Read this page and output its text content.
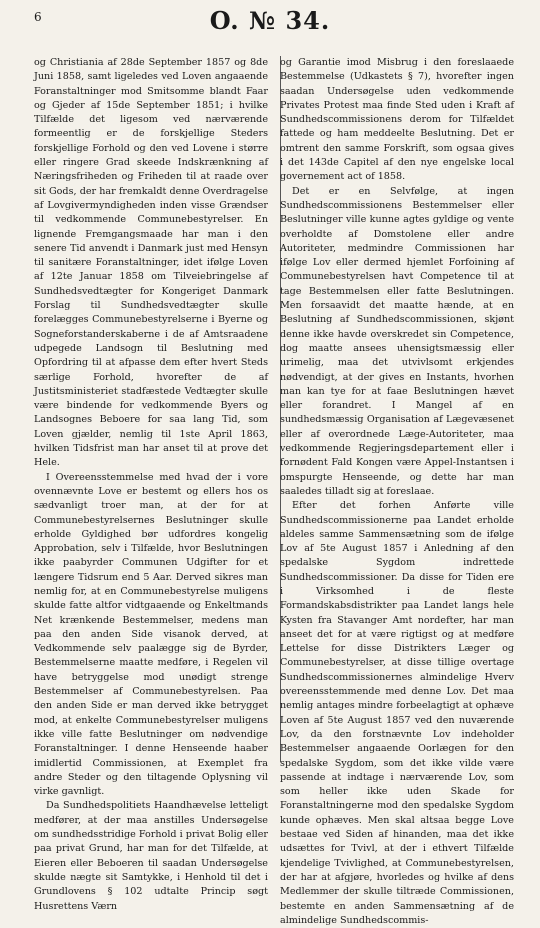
6	O. № 34.

og Christiania af 28de September 1857 og 8de Juni 1858, samt ligeledes ved Loven angaaende Foranstaltninger mod Smitsomme blandt Faar og Gjeder af 15de September 1851; i hvilke Tilfælde det ligesom ved nærværende formeentlig er de forskjellige Steders forskjellige Forhold og den ved Lovene i større eller ringere Grad skeede Indskrænkning af Næringsfriheden og Friheden til at raade over sit Gods, der har fremkaldt denne Overdragelse af Lovgivermyndigheden inden visse Grændser til vedkommende Communebestyrelser. En lignende Fremgangsmaade har man i den senere Tid anvendt i Danmark just med Hensyn til sanitære Foranstaltninger, idet ifølge Loven af 12te Januar 1858 om Tilveiebringelse af Sundhedsvedtægter for Kongeriget Danmark Forslag til Sundhedsvedtægter skulle forelægges Communebestyrelserne i Byerne og Sogneforstanderskaberne i de af Amtsraadene udpegede Landsogn til Beslutning med Opfordring til at afpasse dem efter hvert Steds særlige Forhold, hvorefter de af Justitsministeriet stadfæstede Vedtægter skulle være bindende for vedkommende Byers og Landsognes Beboere for saa lang Tid, som Loven gjælder, nemlig til 1ste April 1863, hvilken Tidsfrist man har anset til at prove det Hele.

I Overeensstemmelse med hvad der i vore ovennævnte Love er bestemt og ellers hos os sædvanligt troer man, at der for at Communebestyrelsernes Beslutninger skulle erholde Gyldighed bør udfordres kongelig Approbation, selv i Tilfælde, hvor Beslutningen ikke paabyrder Communen Udgifter for et længere Tidsrum end 5 Aar. Derved sikres man nemlig for, at en Communebestyrelse muligens skulde fatte altfor vidtgaaende og Enkeltmands Net krænkende Bestemmelser, medens man paa den anden Side visanok derved, at Vedkommende selv paalægge sig de Byrder, Bestemmelserne maatte medføre, i Regelen vil have betryggelse mod unødigt strenge Bestemmelser af Communebestyrelsen. Paa den anden Side er man derved ikke betrygget mod, at enkelte Communebestyrelser muligens ikke ville fatte Beslutninger om nødvendige Foranstaltninger. I denne Henseende haaber imidlertid Commissionen, at Exemplet fra andre Steder og den tiltagende Oplysning vil virke gavnligt.

Da Sundhedspolitiets Haandhævelse letteligt medfører, at der maa anstilles Undersøgelse om sundhedsstridige Forhold i privat Bolig eller paa privat Grund, har man for det Tilfælde, at Eieren eller Beboeren til saadan Undersøgelse skulde nægte sit Samtykke, i Henhold til det i Grundlovens § 102 udtalte Princip søgt Husrettens Værn

og Garantie imod Misbrug i den foreslaaede Bestemmelse (Udkastets § 7), hvorefter ingen saadan Undersøgelse uden vedkommende Privates Protest maa finde Sted uden i Kraft af Sundhedscommissionens derom for Tilfældet fattede og ham meddeelte Beslutning. Det er omtrent den samme Forskrift, som ogsaa gives i det 143de Capitel af den nye engelske local governement act of 1858.

Det er en Selvfølge, at ingen Sundhedscommissionens Bestemmelser eller Beslutninger ville kunne agtes gyldige og vente overholdte af Domstolene eller andre Autoriteter, medmindre Commissionen har ifølge Lov eller dermed hjemlet Forfoining af Communebestyrelsen havt Competence til at tage Bestemmelsen eller fatte Beslutningen. Men forsaavidt det maatte hænde, at en Beslutning af Sundhedscommissionen, skjønt denne ikke havde overskredet sin Competence, dog maatte ansees uhensigtsmæssig eller urimelig, maa det utvivlsomt erkjendes nødvendigt, at der gives en Instants, hvorhen man kan tye for at faae Beslutningen hævet eller forandret. I Mangel af en sundhedsmæssig Organisation af Lægevæsenet eller af overordnede Læge-Autoriteter, maa vedkommende Regjeringsdepartement eller i fornødent Fald Kongen være Appel-Instantsen i omspurgte Henseende, og dette har man saaledes tilladt sig at foreslaae.

Efter det forhen Anførte ville Sundhedscommissionerne paa Landet erholde aldeles samme Sammensætning som de ifølge Lov af 5te August 1857 i Anledning af den spedalske Sygdom indrettede Sundhedscommissioner. Da disse for Tiden ere i Virksomhed i de fleste Formandskabsdistrikter paa Landet langs hele Kysten fra Stavanger Amt nordefter, har man anseet det for at være rigtigst og at medføre Lettelse for disse Distrikters Læger og Communebestyrelser, at disse tillige overtage Sundhedscommissionernes almindelige Hverv overeensstemmende med denne Lov. Det maa nemlig antages mindre forbeelagtigt at ophæve Loven af 5te August 1857 ved den nuværende Lov, da den forstnævnte Lov indeholder Bestemmelser angaaende Oorlægen for den spedalske Sygdom, som det ikke vilde være passende at indtage i nærværende Lov, som som heller ikke uden Skade for Foranstaltningerne mod den spedalske Sygdom kunde ophæves. Men skal altsaa begge Love bestaae ved Siden af hinanden, maa det ikke udsættes for Tvivl, at der i ethvert Tilfælde kjendelige Tvivlighed, at Communebestyrelsen, der har at afgjøre, hvorledes og hvilke af dens Medlemmer der skulle tiltrædе Commissionen, bestemte en anden Sammensætning af de almindelige Sundhedscommis-
